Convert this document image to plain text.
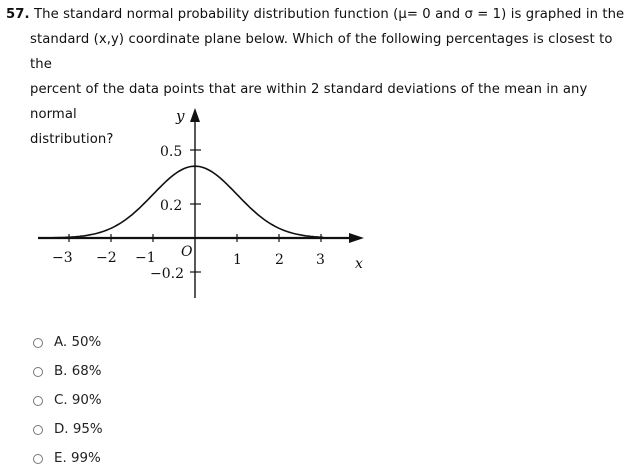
57. The standard normal probability distribution function (μ= 0 and σ = 1) is graphed in the

standard (x,y) coordinate plane below. Which of the following percentages is closest to the

percent of the data points that are within 2 standard deviations of the mean in any normal

distribution?

y
x
O
0.5
0.2
−0.2
−3 −2 −1	1 2 3
A. 50%
B. 68%
C. 90%
D. 95%
E. 99%
